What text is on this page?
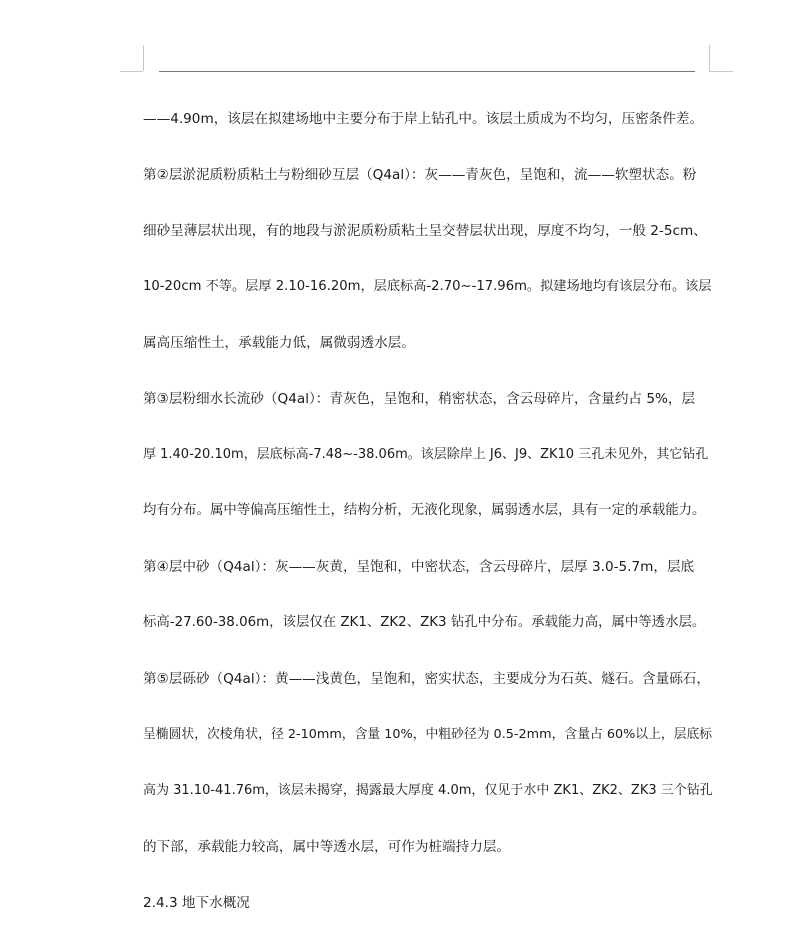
——4.90m，该层在拟建场地中主要分布于岸上钻孔中。该层土质成为不均匀，压密条件差。
第②层淤泥质粉质粘土与粉细砂互层（Q4al）：灰——青灰色，呈饱和，流——软塑状态。粉
细砂呈薄层状出现，有的地段与淤泥质粉质粘土呈交替层状出现，厚度不均匀，一般 2-5cm、
10-20cm 不等。层厚 2.10-16.20m，层底标高-2.70~-17.96m。拟建场地均有该层分布。该层
属高压缩性土，承载能力低，属微弱透水层。
第③层粉细水长流砂（Q4al）：青灰色，呈饱和，稍密状态，含云母碎片，含量约占 5%，层
厚 1.40-20.10m，层底标高-7.48~-38.06m。该层除岸上 J6、J9、ZK10 三孔未见外，其它钻孔
均有分布。属中等偏高压缩性土，结构分析，无液化现象，属弱透水层，具有一定的承载能力。
第④层中砂（Q4al）：灰——灰黄，呈饱和，中密状态，含云母碎片，层厚 3.0-5.7m，层底
标高-27.60-38.06m，该层仅在 ZK1、ZK2、ZK3 钻孔中分布。承载能力高，属中等透水层。
第⑤层砾砂（Q4al）：黄——浅黄色，呈饱和，密实状态，主要成分为石英、燧石。含量砾石，
呈椭圆状，次棱角状，径 2-10mm，含量 10%，中粗砂径为 0.5-2mm，含量占 60%以上，层底标
高为 31.10-41.76m，该层未揭穿，揭露最大厚度 4.0m，仅见于水中 ZK1、ZK2、ZK3 三个钻孔
的下部，承载能力较高，属中等透水层，可作为桩端持力层。
2.4.3 地下水概况
